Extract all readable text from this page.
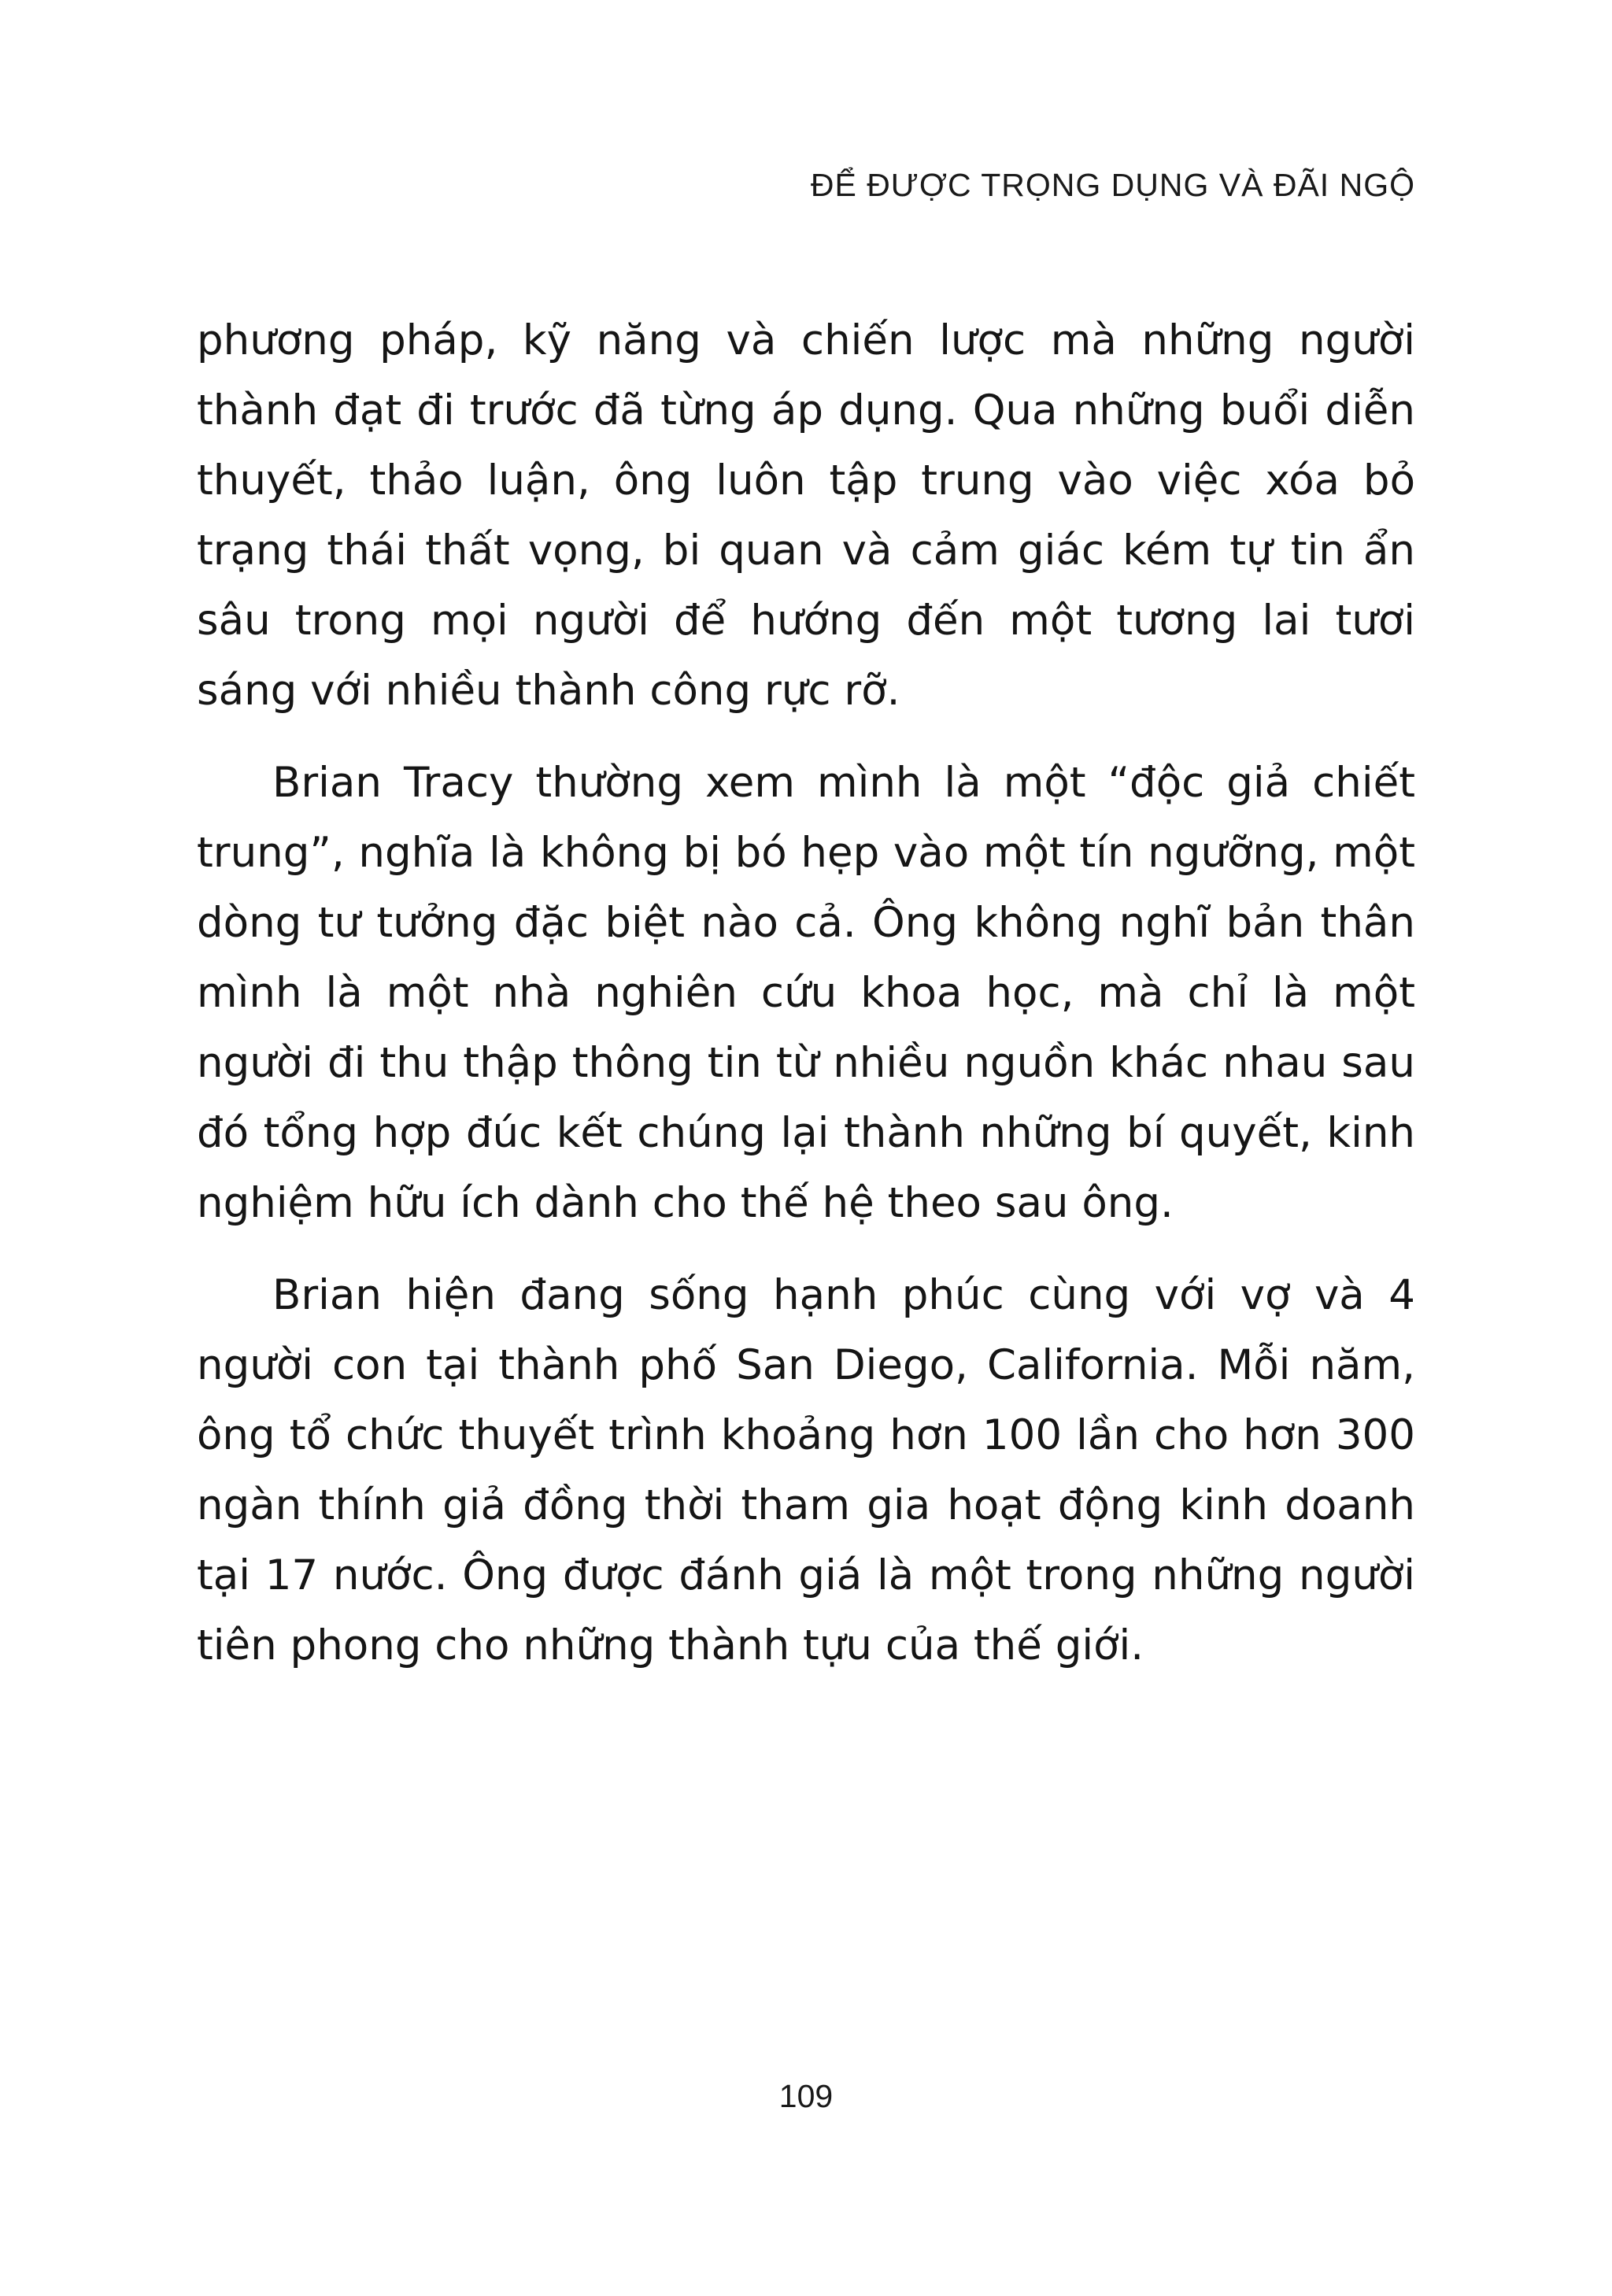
ĐỂ ĐƯỢC TRỌNG DỤNG VÀ ĐÃI NGỘ

phương pháp, kỹ năng và chiến lược mà những người thành đạt đi trước đã từng áp dụng. Qua những buổi diễn thuyết, thảo luận, ông luôn tập trung vào việc xóa bỏ trạng thái thất vọng, bi quan và cảm giác kém tự tin ẩn sâu trong mọi người để hướng đến một tương lai tươi sáng với nhiều thành công rực rỡ.

Brian Tracy thường xem mình là một “độc giả chiết trung”, nghĩa là không bị bó hẹp vào một tín ngưỡng, một dòng tư tưởng đặc biệt nào cả. Ông không nghĩ bản thân mình là một nhà nghiên cứu khoa học, mà chỉ là một người đi thu thập thông tin từ nhiều nguồn khác nhau sau đó tổng hợp đúc kết chúng lại thành những bí quyết, kinh nghiệm hữu ích dành cho thế hệ theo sau ông.

Brian hiện đang sống hạnh phúc cùng với vợ và 4 người con tại thành phố San Diego, California. Mỗi năm, ông tổ chức thuyết trình khoảng hơn 100 lần cho hơn 300 ngàn thính giả đồng thời tham gia hoạt động kinh doanh tại 17 nước. Ông được đánh giá là một trong những người tiên phong cho những thành tựu của thế giới.

109
